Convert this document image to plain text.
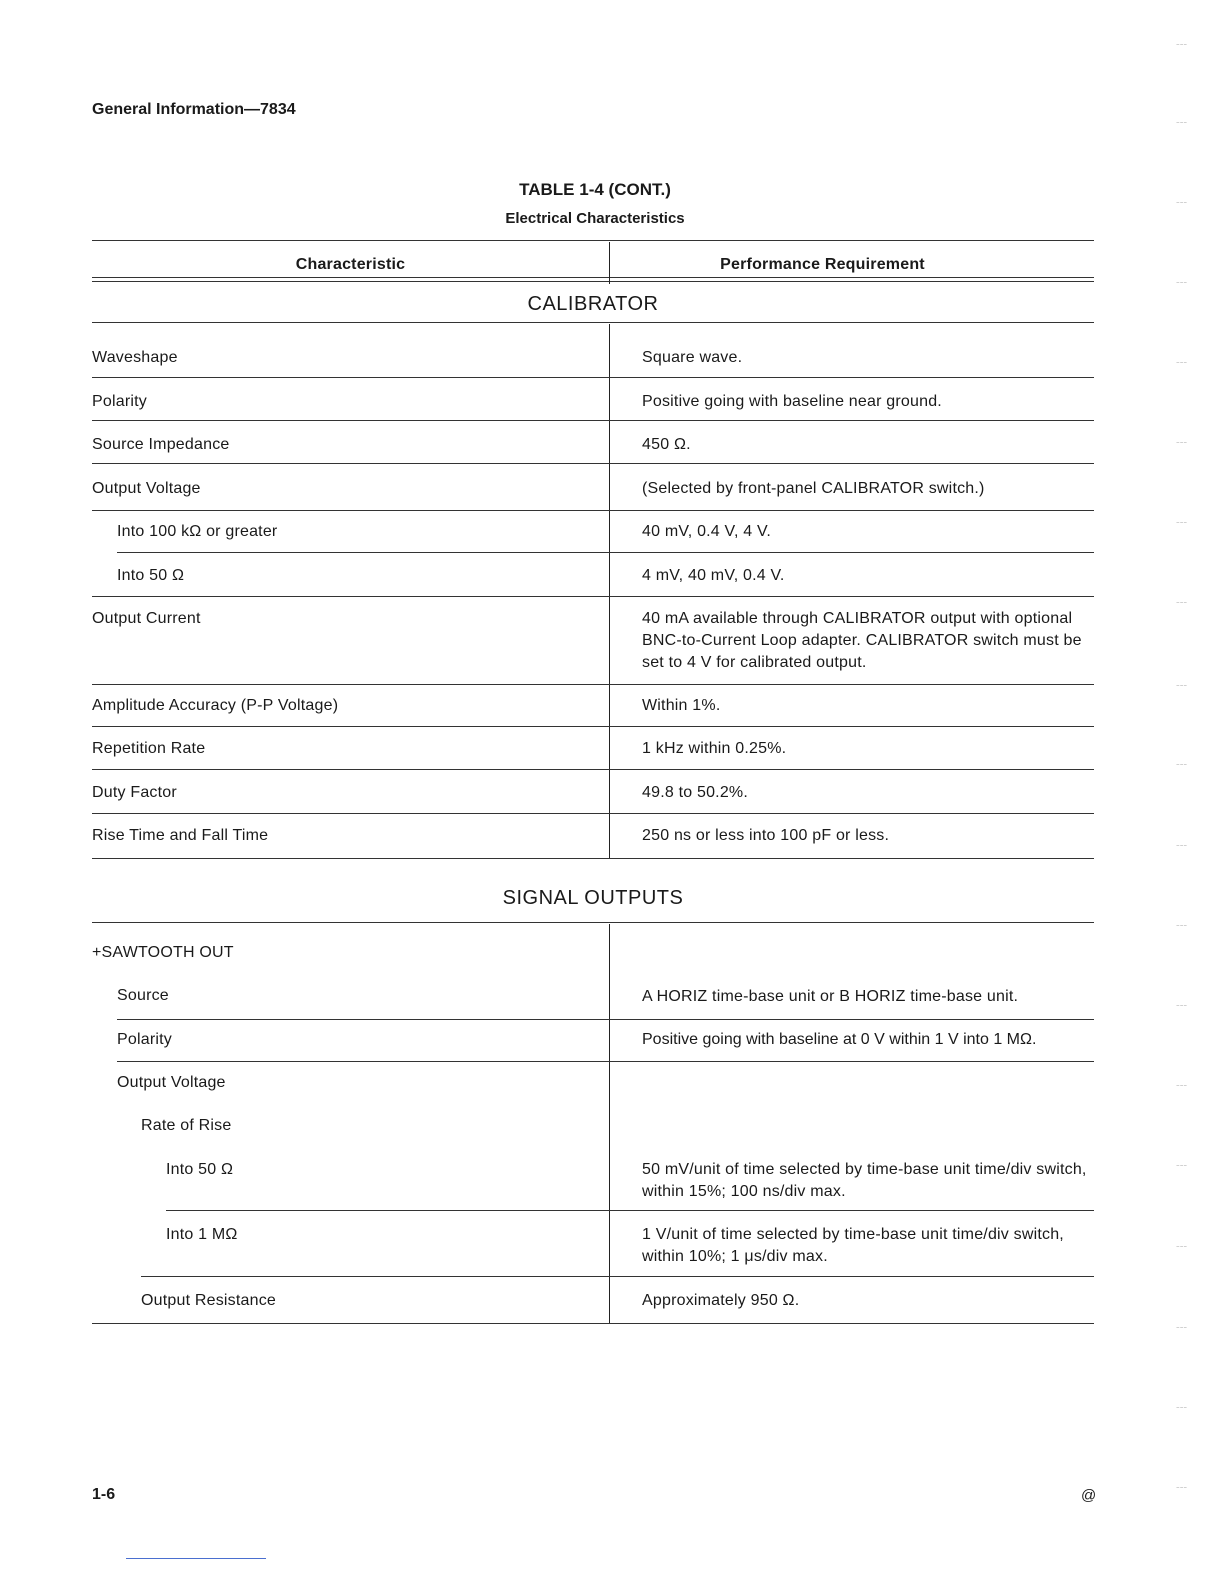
General Information—7834
TABLE 1-4 (CONT.)
Electrical Characteristics
Characteristic	Performance Requirement
CALIBRATOR
Waveshape	Square wave.
Polarity	Positive going with baseline near ground.
Source Impedance	450 Ω.
Output Voltage	(Selected by front-panel CALIBRATOR switch.)
Into 100 kΩ or greater	40 mV, 0.4 V, 4 V.
Into 50 Ω	4 mV, 40 mV, 0.4 V.
Output Current	40 mA available through CALIBRATOR output with optional BNC-to-Current Loop adapter. CALIBRATOR switch must be set to 4 V for calibrated output.
Amplitude Accuracy (P-P Voltage)	Within 1%.
Repetition Rate	1 kHz within 0.25%.
Duty Factor	49.8 to 50.2%.
Rise Time and Fall Time	250 ns or less into 100 pF or less.
SIGNAL OUTPUTS
+SAWTOOTH OUT
Source	A HORIZ time-base unit or B HORIZ time-base unit.
Polarity	Positive going with baseline at 0 V within 1 V into 1 MΩ.
Output Voltage
Rate of Rise
Into 50 Ω	50 mV/unit of time selected by time-base unit time/div switch, within 15%; 100 ns/div max.
Into 1 MΩ	1 V/unit of time selected by time-base unit time/div switch, within 10%; 1 μs/div max.
Output Resistance	Approximately 950 Ω.
1-6	@
⁻⁻⁻
⁻⁻⁻
⁻⁻⁻
⁻⁻⁻
⁻⁻⁻
⁻⁻⁻
⁻⁻⁻
⁻⁻⁻
⁻⁻⁻
⁻⁻⁻
⁻⁻⁻
⁻⁻⁻
⁻⁻⁻
⁻⁻⁻
⁻⁻⁻
⁻⁻⁻
⁻⁻⁻
⁻⁻⁻
⁻⁻⁻
